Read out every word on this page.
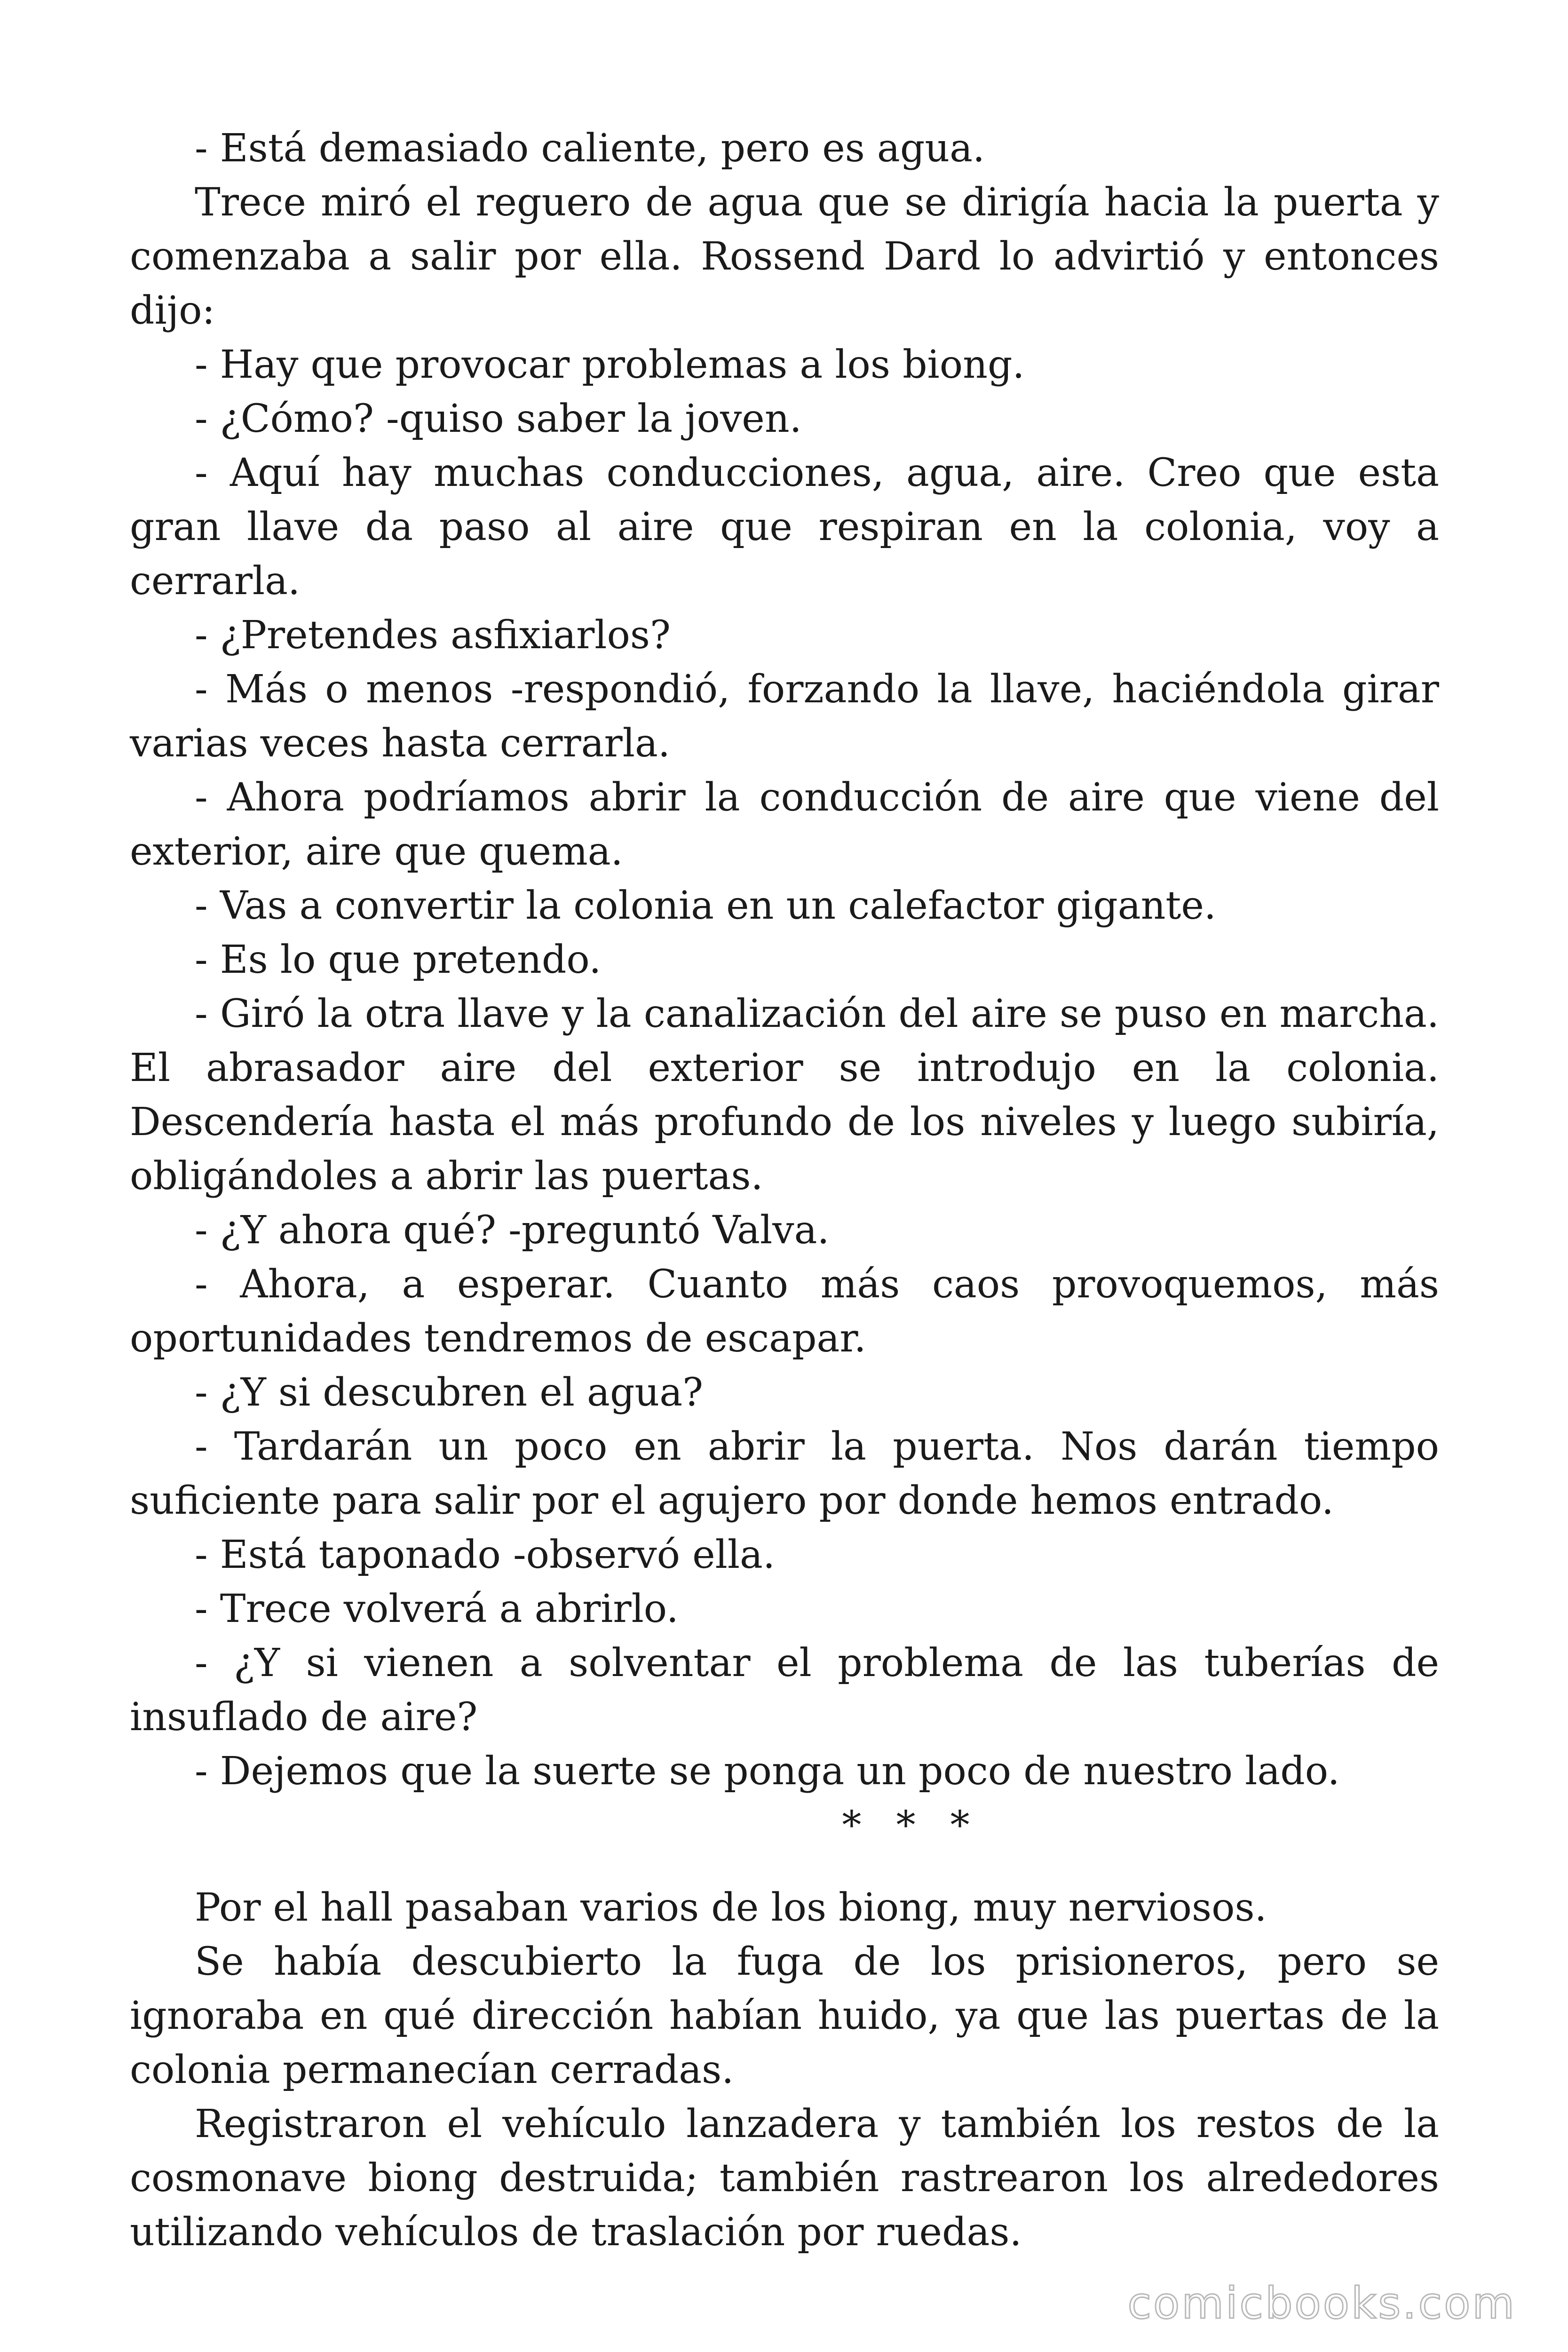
- Está demasiado caliente, pero es agua.

Trece miró el reguero de agua que se dirigía hacia la puerta y comenzaba a salir por ella. Rossend Dard lo advirtió y entonces dijo:

- Hay que provocar problemas a los biong.

- ¿Cómo? -quiso saber la joven.

- Aquí hay muchas conducciones, agua, aire. Creo que esta gran llave da paso al aire que respiran en la colonia, voy a cerrarla.

- ¿Pretendes asfixiarlos?

- Más o menos -respondió, forzando la llave, haciéndola girar varias veces hasta cerrarla.

- Ahora podríamos abrir la conducción de aire que viene del exterior, aire que quema.

- Vas a convertir la colonia en un calefactor gigante.

- Es lo que pretendo.

- Giró la otra llave y la canalización del aire se puso en marcha. El abrasador aire del exterior se introdujo en la colonia. Descendería hasta el más profundo de los niveles y luego subiría, obligándoles a abrir las puertas.

- ¿Y ahora qué? -preguntó Valva.

- Ahora, a esperar. Cuanto más caos provoquemos, más oportunidades tendremos de escapar.

- ¿Y si descubren el agua?

- Tardarán un poco en abrir la puerta. Nos darán tiempo suficiente para salir por el agujero por donde hemos entrado.

- Está taponado -observó ella.

- Trece volverá a abrirlo.

- ¿Y si vienen a solventar el problema de las tuberías de insuflado de aire?

- Dejemos que la suerte se ponga un poco de nuestro lado.

* * *

Por el hall pasaban varios de los biong, muy nerviosos.

Se había descubierto la fuga de los prisioneros, pero se ignoraba en qué dirección habían huido, ya que las puertas de la colonia permanecían cerradas.

Registraron el vehículo lanzadera y también los restos de la cosmonave biong destruida; también rastrearon los alrededores utilizando vehículos de traslación por ruedas.

comicbooks.com
